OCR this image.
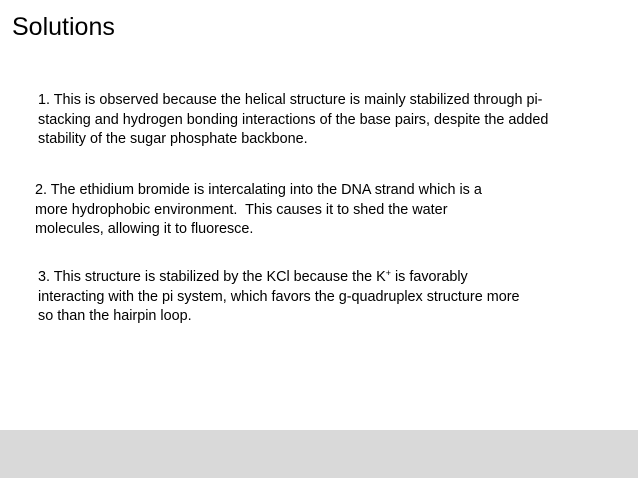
Solutions

1. This is observed because the helical structure is mainly stabilized through pi-
stacking and hydrogen bonding interactions of the base pairs, despite the added
stability of the sugar phosphate backbone.

2. The ethidium bromide is intercalating into the DNA strand which is a
more hydrophobic environment.  This causes it to shed the water
molecules, allowing it to fluoresce.

3. This structure is stabilized by the KCl because the K+ is favorably
interacting with the pi system, which favors the g-quadruplex structure more
so than the hairpin loop.
